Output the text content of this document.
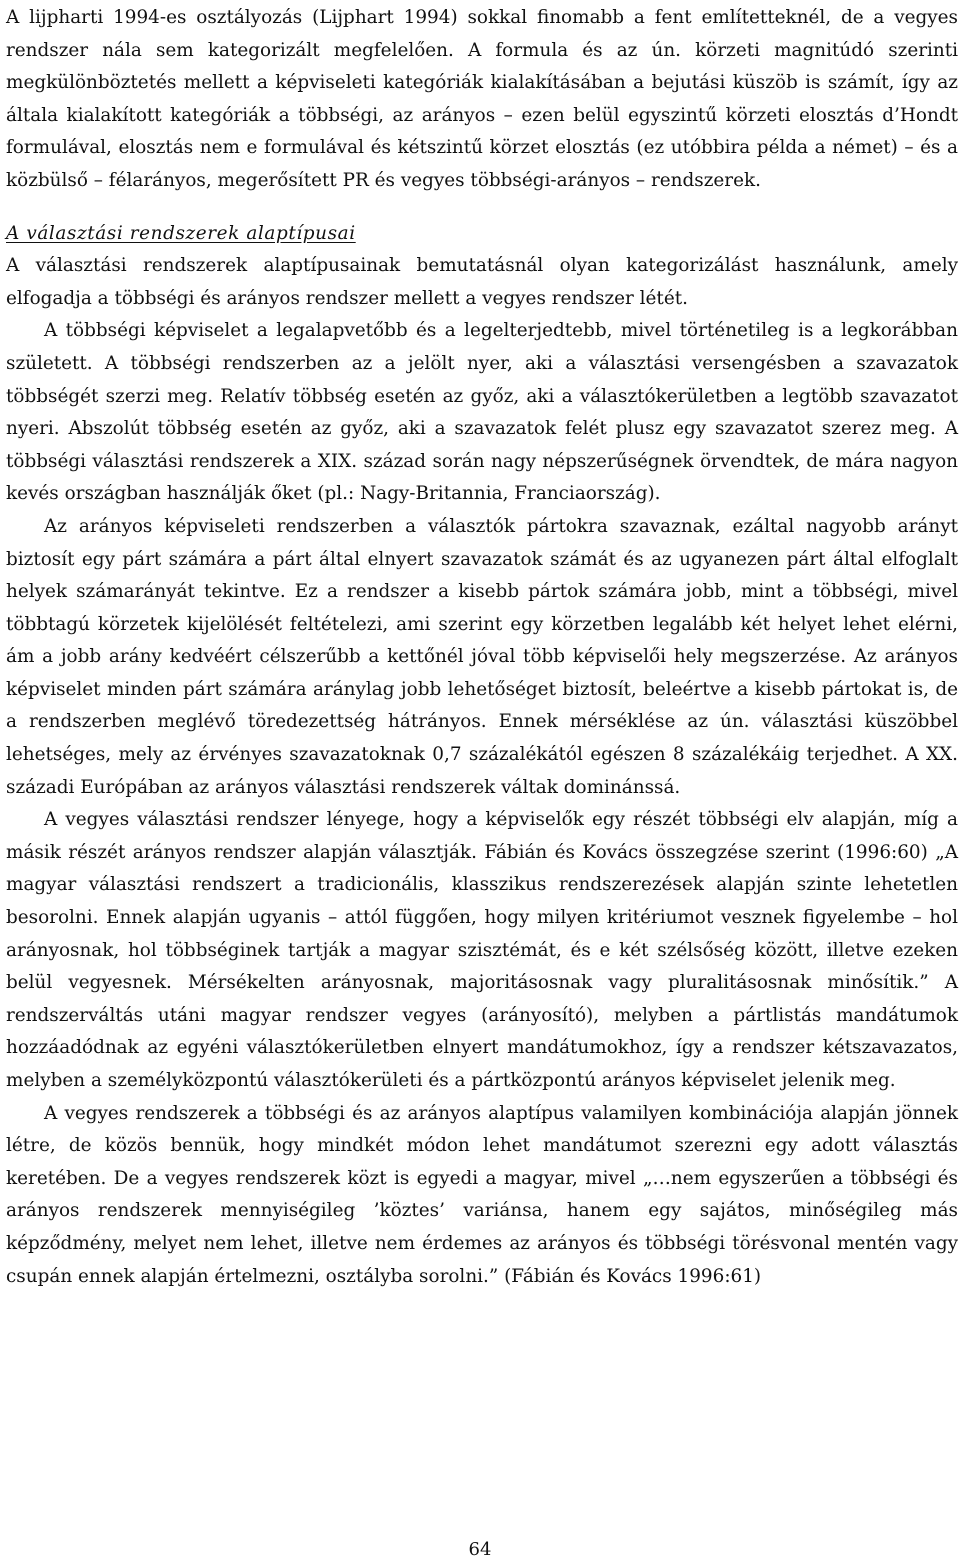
A lijpharti 1994-es osztályozás (Lijphart 1994) sokkal finomabb a fent említetteknél, de a vegyes rendszer nála sem kategorizált megfelelően. A formula és az ún. körzeti magnitúdó szerinti megkülönböztetés mellett a képviseleti kategóriák kialakításában a bejutási küszöb is számít, így az általa kialakított kategóriák a többségi, az arányos – ezen belül egyszintű körzeti elosztás d’Hondt formulával, elosztás nem e formulával és kétszintű körzet elosztás (ez utóbbira példa a német) – és a közbülső – félarányos, megerősített PR és vegyes többségi-arányos – rendszerek.

A választási rendszerek alaptípusai

A választási rendszerek alaptípusainak bemutatásnál olyan kategorizálást használunk, amely elfogadja a többségi és arányos rendszer mellett a vegyes rendszer létét.

A többségi képviselet a legalapvetőbb és a legelterjedtebb, mivel történetileg is a legkorábban született. A többségi rendszerben az a jelölt nyer, aki a választási versengésben a szavazatok többségét szerzi meg. Relatív többség esetén az győz, aki a választókerületben a legtöbb szavazatot nyeri. Abszolút többség esetén az győz, aki a szavazatok felét plusz egy szavazatot szerez meg. A többségi választási rendszerek a XIX. század során nagy népszerűségnek örvendtek, de mára nagyon kevés országban használják őket (pl.: Nagy-Britannia, Franciaország).

Az arányos képviseleti rendszerben a választók pártokra szavaznak, ezáltal nagyobb arányt biztosít egy párt számára a párt által elnyert szavazatok számát és az ugyanezen párt által elfoglalt helyek számarányát tekintve. Ez a rendszer a kisebb pártok számára jobb, mint a többségi, mivel többtagú körzetek kijelölését feltételezi, ami szerint egy körzetben legalább két helyet lehet elérni, ám a jobb arány kedvéért célszerűbb a kettőnél jóval több képviselői hely megszerzése. Az arányos képviselet minden párt számára aránylag jobb lehetőséget biztosít, beleértve a kisebb pártokat is, de a rendszerben meglévő töredezettség hátrányos. Ennek mérséklése az ún. választási küszöbbel lehetséges, mely az érvényes szavazatoknak 0,7 százalékától egészen 8 százalékáig terjedhet. A XX. századi Európában az arányos választási rendszerek váltak dominánssá.

A vegyes választási rendszer lényege, hogy a képviselők egy részét többségi elv alapján, míg a másik részét arányos rendszer alapján választják. Fábián és Kovács összegzése szerint (1996:60) „A magyar választási rendszert a tradicionális, klasszikus rendszerezések alapján szinte lehetetlen besorolni. Ennek alapján ugyanis – attól függően, hogy milyen kritériumot vesznek figyelembe – hol arányosnak, hol többséginek tartják a magyar szisztémát, és e két szélsőség között, illetve ezeken belül vegyesnek. Mérsékelten arányosnak, majoritásosnak vagy pluralitásosnak minősítik.” A rendszerváltás utáni magyar rendszer vegyes (arányosító), melyben a pártlistás mandátumok hozzáadódnak az egyéni választókerületben elnyert mandátumokhoz, így a rendszer kétszavazatos, melyben a személyközpontú választókerületi és a pártközpontú arányos képviselet jelenik meg.

A vegyes rendszerek a többségi és az arányos alaptípus valamilyen kombinációja alapján jönnek létre, de közös bennük, hogy mindkét módon lehet mandátumot szerezni egy adott választás keretében. De a vegyes rendszerek közt is egyedi a magyar, mivel „…nem egyszerűen a többségi és arányos rendszerek mennyiségileg ’köztes’ variánsa, hanem egy sajátos, minőségileg más képződmény, melyet nem lehet, illetve nem érdemes az arányos és többségi törésvonal mentén vagy csupán ennek alapján értelmezni, osztályba sorolni.” (Fábián és Kovács 1996:61)

64
